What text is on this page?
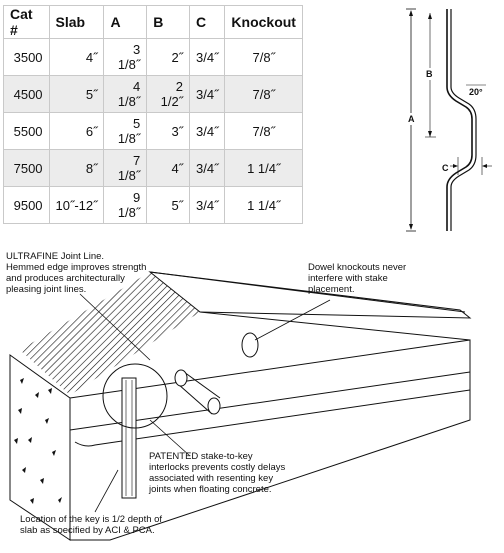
Cat #	Slab	A	B	C	Knockout
3500	4˝	3 1/8˝	2˝	3/4˝	7/8˝
4500	5˝	4 1/8˝	2 1/2˝	3/4˝	7/8˝
5500	6˝	5 1/8˝	3˝	3/4˝	7/8˝
7500	8˝	7 1/8˝	4˝	3/4˝	1 1/4˝
9500	10˝-12˝	9 1/8˝	5˝	3/4˝	1 1/4˝
A
B
20°
C
ULTRAFINE Joint Line.
Hemmed edge improves strength
and produces architecturally
pleasing joint lines.
Dowel knockouts never
interfere with stake
placement.
PATENTED stake-to-key
interlocks prevents costly delays
associated with resenting key
joints when floating concrete.
Location of the key is 1/2 depth of
slab as soecified by ACI & PCA.
